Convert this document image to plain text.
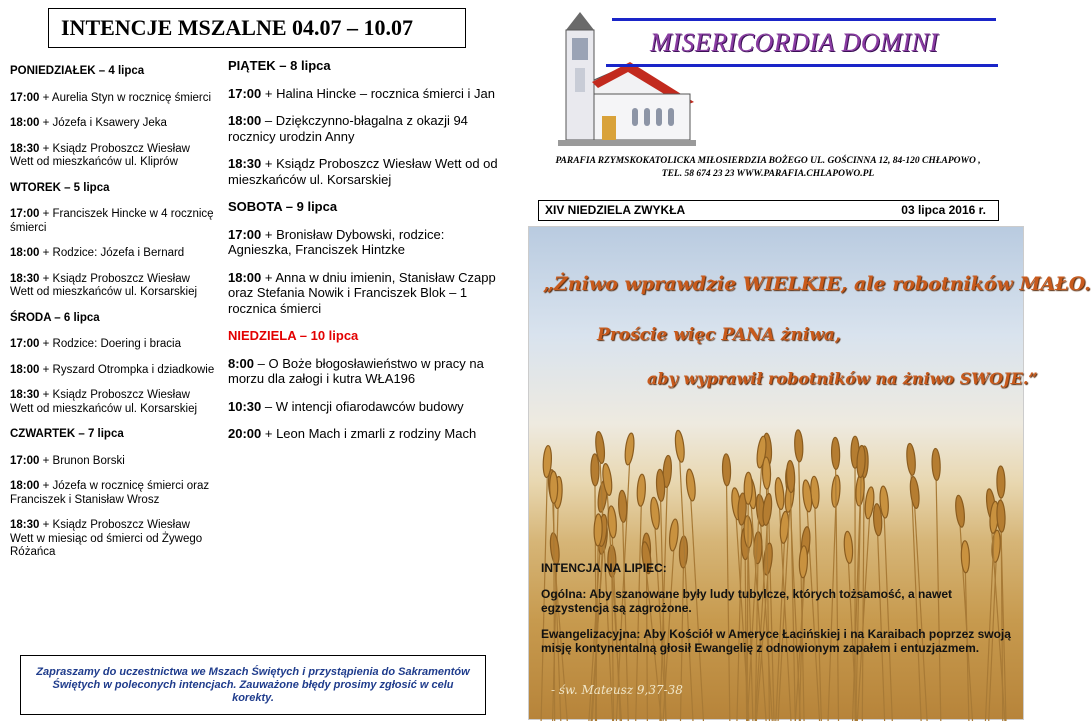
INTENCJE MSZALNE 04.07 – 10.07
PONIEDZIAŁEK – 4 lipca
17:00 + Aurelia Styn w rocznicę śmierci
18:00 + Józefa i Ksawery Jeka
18:30 + Ksiądz Proboszcz Wiesław Wett od mieszkańców ul. Kliprów
WTOREK – 5 lipca
17:00 + Franciszek Hincke w 4 rocznicę śmierci
18:00 + Rodzice: Józefa i Bernard
18:30 + Ksiądz Proboszcz Wiesław Wett od mieszkańców ul. Korsarskiej
ŚRODA – 6 lipca
17:00 + Rodzice: Doering i bracia
18:00 + Ryszard Otrompka i dziadkowie
18:30 + Ksiądz Proboszcz Wiesław Wett od mieszkańców ul. Korsarskiej
CZWARTEK – 7 lipca
17:00 + Brunon Borski
18:00 + Józefa w rocznicę śmierci oraz Franciszek i Stanisław Wrosz
18:30 + Ksiądz Proboszcz Wiesław Wett w miesiąc od śmierci od Żywego Różańca
PIĄTEK – 8 lipca
17:00 + Halina Hincke – rocznica śmierci i Jan
18:00 – Dziękczynno-błagalna z okazji 94 rocznicy urodzin Anny
18:30 + Ksiądz Proboszcz Wiesław Wett od od mieszkańców ul. Korsarskiej
SOBOTA – 9 lipca
17:00 + Bronisław Dybowski, rodzice: Agnieszka, Franciszek Hintzke
18:00 + Anna w dniu imienin, Stanisław Czapp oraz Stefania Nowik i Franciszek Blok – 1 rocznica śmierci
NIEDZIELA – 10 lipca
8:00 – O Boże błogosławieństwo w pracy na morzu dla załogi i kutra WŁA196
10:30 – W intencji ofiarodawców budowy
20:00 + Leon Mach i zmarli z rodziny Mach
Zapraszamy do uczestnictwa we Mszach Świętych i przystąpienia do Sakramentów Świętych w poleconych intencjach. Zauważone błędy prosimy zgłosić w celu korekty.
MISERICORDIA DOMINI
PARAFIA RZYMSKOKATOLICKA MIŁOSIERDZIA BOŻEGO UL. GOŚCINNA 12, 84-120 CHŁAPOWO , TEL. 58 674 23 23 WWW.PARAFIA.CHLAPOWO.PL
XIV NIEDZIELA ZWYKŁA	03 lipca 2016 r.
„Żniwo wprawdzie WIELKIE, ale robotników MAŁO.
Proście więc PANA żniwa,
aby wyprawił robotników na żniwo SWOJE.”

INTENCJA NA LIPIEC:

Ogólna: Aby szanowane były ludy tubylcze, których tożsamość, a nawet egzystencja są zagrożone.

Ewangelizacyjna: Aby Kościół w Ameryce Łacińskiej i na Karaibach poprzez swoją misję kontynentalną głosił Ewangelię z odnowionym zapałem i entuzjazmem.

- św. Mateusz 9,37-38
